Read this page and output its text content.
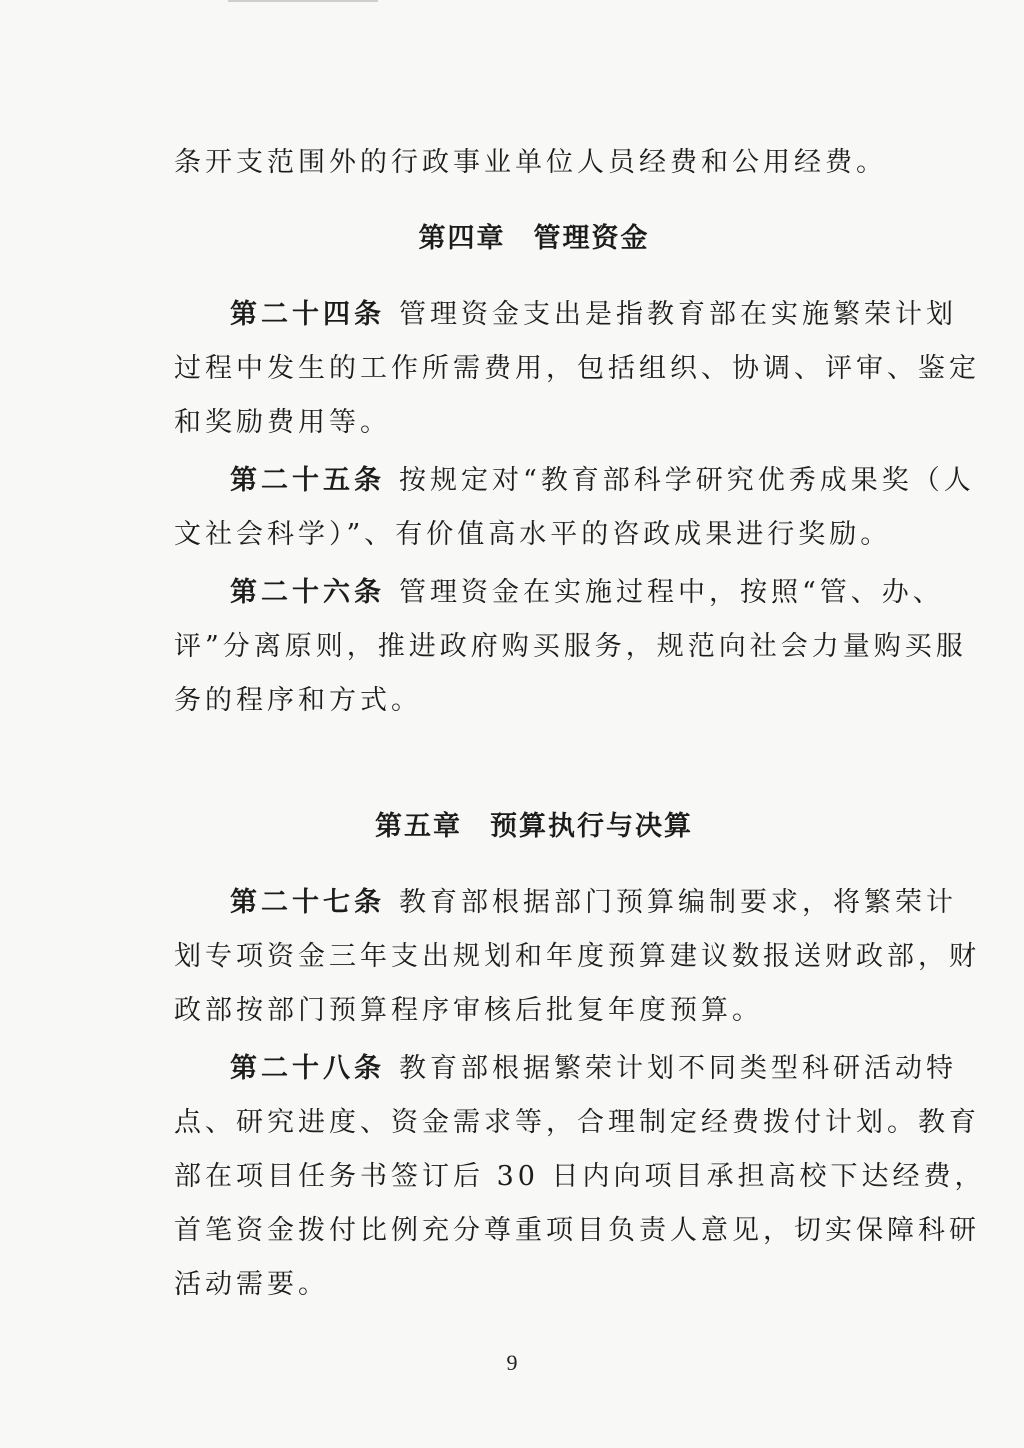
条开支范围外的行政事业单位人员经费和公用经费。
第四章 管理资金
第二十四条 管理资金支出是指教育部在实施繁荣计划
过程中发生的工作所需费用，包括组织、协调、评审、鉴定
和奖励费用等。
第二十五条 按规定对“教育部科学研究优秀成果奖（人
文社会科学）”、有价值高水平的咨政成果进行奖励。
第二十六条 管理资金在实施过程中，按照“管、办、
评”分离原则，推进政府购买服务，规范向社会力量购买服
务的程序和方式。
第五章 预算执行与决算
第二十七条 教育部根据部门预算编制要求，将繁荣计
划专项资金三年支出规划和年度预算建议数报送财政部，财
政部按部门预算程序审核后批复年度预算。
第二十八条 教育部根据繁荣计划不同类型科研活动特
点、研究进度、资金需求等，合理制定经费拨付计划。教育
部在项目任务书签订后 30 日内向项目承担高校下达经费，
首笔资金拨付比例充分尊重项目负责人意见，切实保障科研
活动需要。
9
